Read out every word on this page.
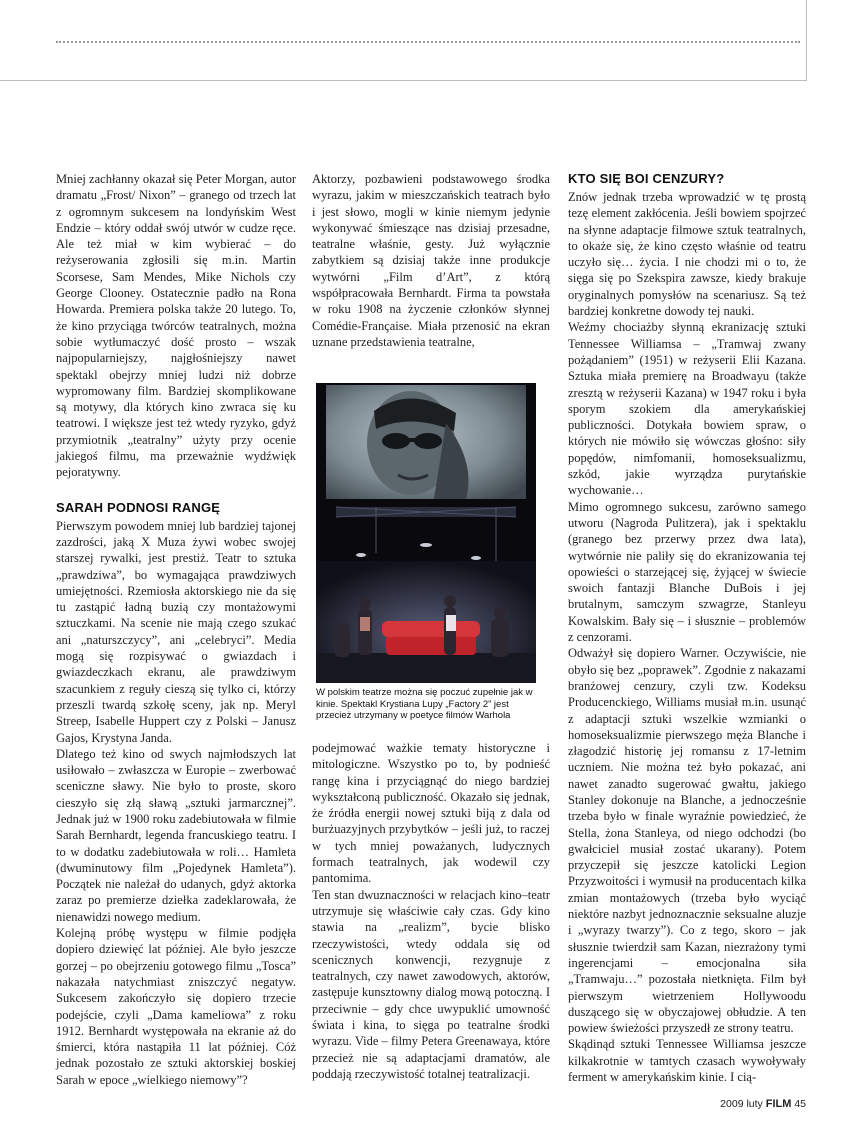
Mniej zachłanny okazał się Peter Morgan, autor dramatu „Frost/ Nixon” – granego od trzech lat z ogromnym sukcesem na londyńskim West Endzie – który oddał swój utwór w cudze ręce. Ale też miał w kim wybierać – do reżyserowania zgłosili się m.in. Martin Scorsese, Sam Mendes, Mike Nichols czy George Clooney. Ostatecznie padło na Rona Howarda. Premiera polska także 20 lutego. To, że kino przyciąga twórców teatralnych, można sobie wytłumaczyć dość prosto – wszak najpopularniejszy, najgłośniejszy nawet spektakl obejrzy mniej ludzi niż dobrze wypromowany film. Bardziej skomplikowane są motywy, dla których kino zwraca się ku teatrowi. I większe jest też wtedy ryzyko, gdyż przymiotnik „teatralny” użyty przy ocenie jakiegoś filmu, ma przeważnie wydźwięk pejoratywny.

SARAH PODNOSI RANGĘ

Pierwszym powodem mniej lub bardziej tajonej zazdrości, jaką X Muza żywi wobec swojej starszej rywalki, jest prestiż. Teatr to sztuka „prawdziwa”, bo wymagająca prawdziwych umiejętności. Rzemiosła aktorskiego nie da się tu zastąpić ładną buzią czy montażowymi sztuczkami. Na scenie nie mają czego szukać ani „naturszczycy”, ani „celebryci”. Media mogą się rozpisywać o gwiazdach i gwiazdeczkach ekranu, ale prawdziwym szacunkiem z reguły cieszą się tylko ci, którzy przeszli twardą szkołę sceny, jak np. Meryl Streep, Isabelle Huppert czy z Polski – Janusz Gajos, Krystyna Janda.

Dlatego też kino od swych najmłodszych lat usiłowało – zwłaszcza w Europie – zwerbować sceniczne sławy. Nie było to proste, skoro cieszyło się złą sławą „sztuki jarmarcznej”. Jednak już w 1900 roku zadebiutowała w filmie Sarah Bernhardt, legenda francuskiego teatru. I to w dodatku zadebiutowała w roli… Hamleta (dwuminutowy film „Pojedynek Hamleta”). Początek nie należał do udanych, gdyż aktorka zaraz po premierze dziełka zadeklarowała, że nienawidzi nowego medium.

Kolejną próbę występu w filmie podjęła dopiero dziewięć lat później. Ale było jeszcze gorzej – po obejrzeniu gotowego filmu „Tosca” nakazała natychmiast zniszczyć negatyw. Sukcesem zakończyło się dopiero trzecie podejście, czyli „Dama kameliowa” z roku 1912. Bernhardt występowała na ekranie aż do śmierci, która nastąpiła 11 lat później. Cóż jednak pozostało ze sztuki aktorskiej boskiej Sarah w epoce „wielkiego niemowy”?

Aktorzy, pozbawieni podstawowego środka wyrazu, jakim w mieszczańskich teatrach było i jest słowo, mogli w kinie niemym jedynie wykonywać śmieszące nas dzisiaj przesadne, teatralne właśnie, gesty. Już wyłącznie zabytkiem są dzisiaj także inne produkcje wytwórni „Film d’Art”, z którą współpracowała Bernhardt. Firma ta powstała w roku 1908 na życzenie członków słynnej Comédie-Française. Miała przenosić na ekran uznane przedstawienia teatralne,

W polskim teatrze można się poczuć zupełnie jak w kinie. Spektakl Krystiana Lupy „Factory 2” jest przecież utrzymany w poetyce filmów Warhola

podejmować ważkie tematy historyczne i mitologiczne. Wszystko po to, by podnieść rangę kina i przyciągnąć do niego bardziej wykształconą publiczność. Okazało się jednak, że źródła energii nowej sztuki biją z dala od burżuazyjnych przybytków – jeśli już, to raczej w tych mniej poważanych, ludycznych formach teatralnych, jak wodewil czy pantomima.

Ten stan dwuznaczności w relacjach kino–teatr utrzymuje się właściwie cały czas. Gdy kino stawia na „realizm”, bycie blisko rzeczywistości, wtedy oddala się od scenicznych konwencji, rezygnuje z teatralnych, czy nawet zawodowych, aktorów, zastępuje kunsztowny dialog mową potoczną. I przeciwnie – gdy chce uwypuklić umowność świata i kina, to sięga po teatralne środki wyrazu. Vide – filmy Petera Greenawaya, które przecież nie są adaptacjami dramatów, ale poddają rzeczywistość totalnej teatralizacji.

KTO SIĘ BOI CENZURY?

Znów jednak trzeba wprowadzić w tę prostą tezę element zakłócenia. Jeśli bowiem spojrzeć na słynne adaptacje filmowe sztuk teatralnych, to okaże się, że kino często właśnie od teatru uczyło się… życia. I nie chodzi mi o to, że sięga się po Szekspira zawsze, kiedy brakuje oryginalnych pomysłów na scenariusz. Są też bardziej konkretne dowody tej nauki.

Weźmy chociażby słynną ekranizację sztuki Tennessee Williamsa – „Tramwaj zwany pożądaniem” (1951) w reżyserii Elii Kazana. Sztuka miała premierę na Broadwayu (także zresztą w reżyserii Kazana) w 1947 roku i była sporym szokiem dla amerykańskiej publiczności. Dotykała bowiem spraw, o których nie mówiło się wówczas głośno: siły popędów, nimfomanii, homoseksualizmu, szkód, jakie wyrządza purytańskie wychowanie…

Mimo ogromnego sukcesu, zarówno samego utworu (Nagroda Pulitzera), jak i spektaklu (granego bez przerwy przez dwa lata), wytwórnie nie paliły się do ekranizowania tej opowieści o starzejącej się, żyjącej w świecie swoich fantazji Blanche DuBois i jej brutalnym, samczym szwagrze, Stanleyu Kowalskim. Bały się – i słusznie – problemów z cenzorami.

Odważył się dopiero Warner. Oczywiście, nie obyło się bez „poprawek”. Zgodnie z nakazami branżowej cenzury, czyli tzw. Kodeksu Producenckiego, Williams musiał m.in. usunąć z adaptacji sztuki wszelkie wzmianki o homoseksualizmie pierwszego męża Blanche i złagodzić historię jej romansu z 17-letnim uczniem. Nie można też było pokazać, ani nawet zanadto sugerować gwałtu, jakiego Stanley dokonuje na Blanche, a jednocześnie trzeba było w finale wyraźnie powiedzieć, że Stella, żona Stanleya, od niego odchodzi (bo gwałciciel musiał zostać ukarany). Potem przyczepił się jeszcze katolicki Legion Przyzwoitości i wymusił na producentach kilka zmian montażowych (trzeba było wyciąć niektóre nazbyt jednoznacznie seksualne aluzje i „wyrazy twarzy”). Co z tego, skoro – jak słusznie twierdził sam Kazan, niezrażony tymi ingerencjami – emocjonalna siła „Tramwaju…” pozostała nietknięta. Film był pierwszym wietrzeniem Hollywoodu duszącego się w obyczajowej obłudzie. A ten powiew świeżości przyszedł ze strony teatru.

Skądinąd sztuki Tennessee Williamsa jeszcze kilkakrotnie w tamtych czasach wywoływały ferment w amerykańskim kinie. I cią-

2009 luty FILM 45
